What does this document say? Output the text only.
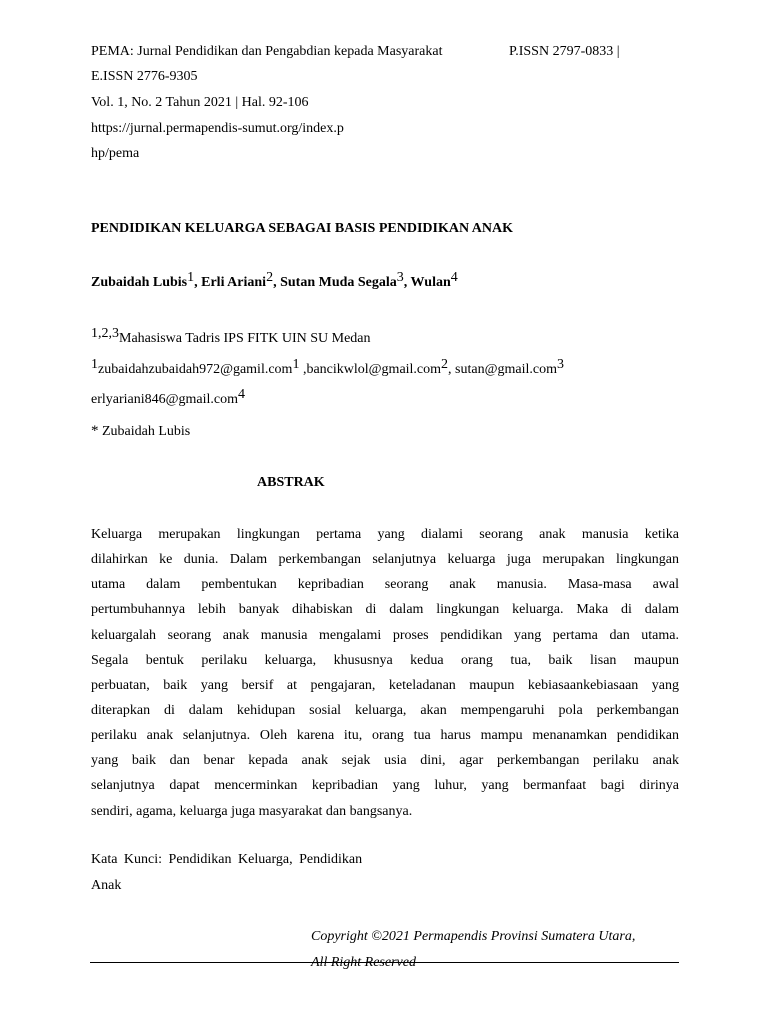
PEMA: Jurnal Pendidikan dan Pengabdian kepada Masyarakat	P.ISSN 2797-0833 |
E.ISSN 2776-9305
Vol. 1, No. 2 Tahun 2021 | Hal. 92-106
https://jurnal.permapendis-sumut.org/index.p
hp/pema
PENDIDIKAN KELUARGA SEBAGAI BASIS PENDIDIKAN ANAK
Zubaidah Lubis$^1$, Erli Ariani$^2$, Sutan Muda Segala$^3$, Wulan$^4$
$^{1,2,3}$Mahasiswa Tadris IPS FITK UIN SU Medan
$^1$zubaidahzubaidah972@gamil.com$^1$ ,bancikwlol@gmail.com$^2$, sutan@gmail.com$^3$
erlyariani846@gmail.com$^4$
* Zubaidah Lubis
ABSTRAK
Keluarga merupakan lingkungan pertama yang dialami seorang anak manusia ketika
dilahirkan ke dunia. Dalam perkembangan selanjutnya keluarga juga merupakan lingkungan
utama dalam pembentukan kepribadian seorang anak manusia. Masa-masa awal
pertumbuhannya lebih banyak dihabiskan di dalam lingkungan keluarga. Maka di dalam
keluargalah seorang anak manusia mengalami proses pendidikan yang pertama dan utama.
Segala bentuk perilaku keluarga, khususnya kedua orang tua, baik lisan maupun
perbuatan, baik yang bersif at pengajaran, keteladanan maupun kebiasaankebiasaan yang
diterapkan di dalam kehidupan sosial keluarga, akan mempengaruhi pola perkembangan
perilaku anak selanjutnya. Oleh karena itu, orang tua harus mampu menanamkan pendidikan
yang baik dan benar kepada anak sejak usia dini, agar perkembangan perilaku anak
selanjutnya dapat mencerminkan kepribadian yang luhur, yang bermanfaat bagi dirinya
sendiri, agama, keluarga juga masyarakat dan bangsanya.
Kata Kunci: Pendidikan Keluarga, Pendidikan
Anak
Copyright ©2021 Permapendis Provinsi Sumatera Utara,
All Right Reserved
